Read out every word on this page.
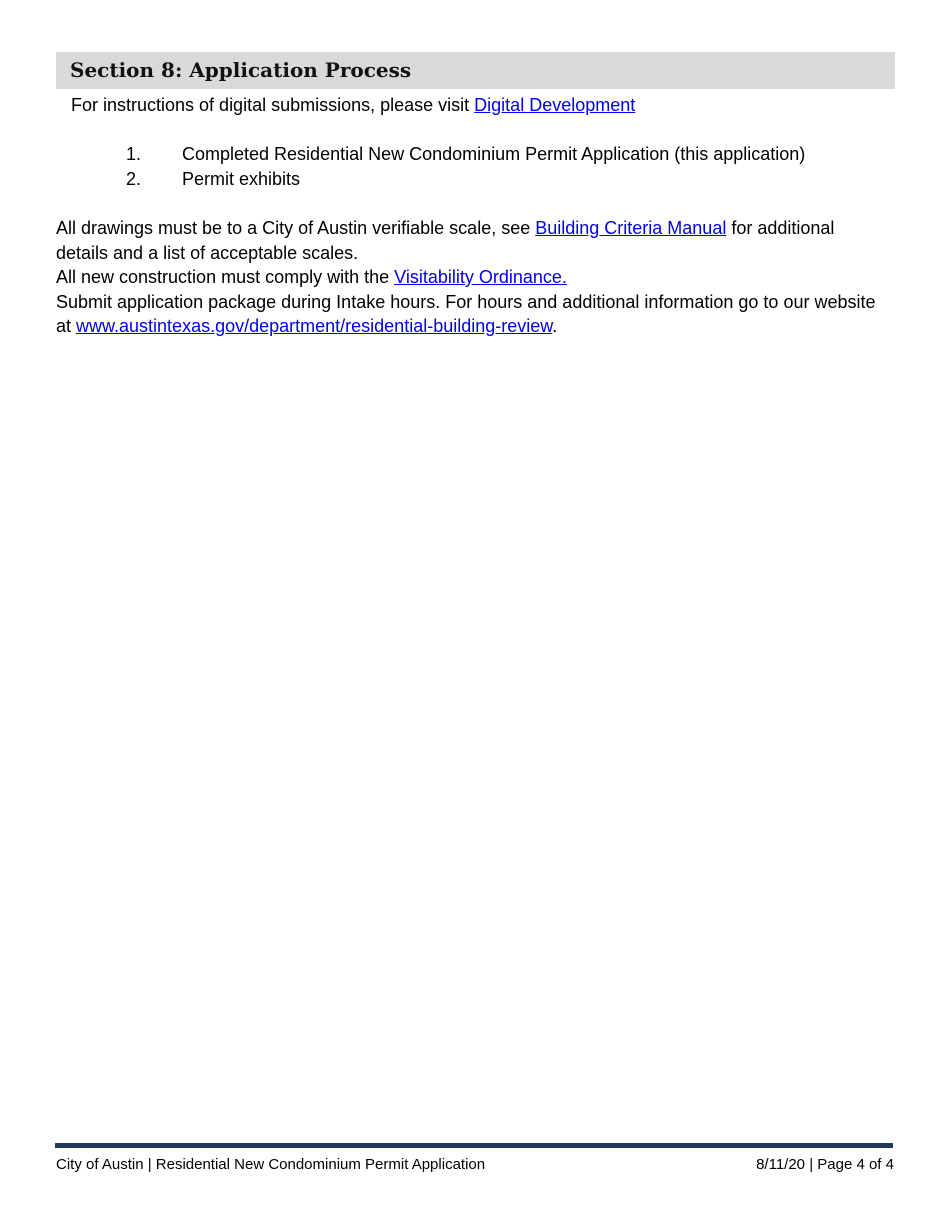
Section 8: Application Process
For instructions of digital submissions, please visit Digital Development
1. Completed Residential New Condominium Permit Application (this application)
2. Permit exhibits

All drawings must be to a City of Austin verifiable scale, see Building Criteria Manual for additional details and a list of acceptable scales.

All new construction must comply with the Visitability Ordinance.

Submit application package during Intake hours. For hours and additional information go to our website at www.austintexas.gov/department/residential-building-review.

City of Austin | Residential New Condominium Permit Application	8/11/20 | Page 4 of 4
